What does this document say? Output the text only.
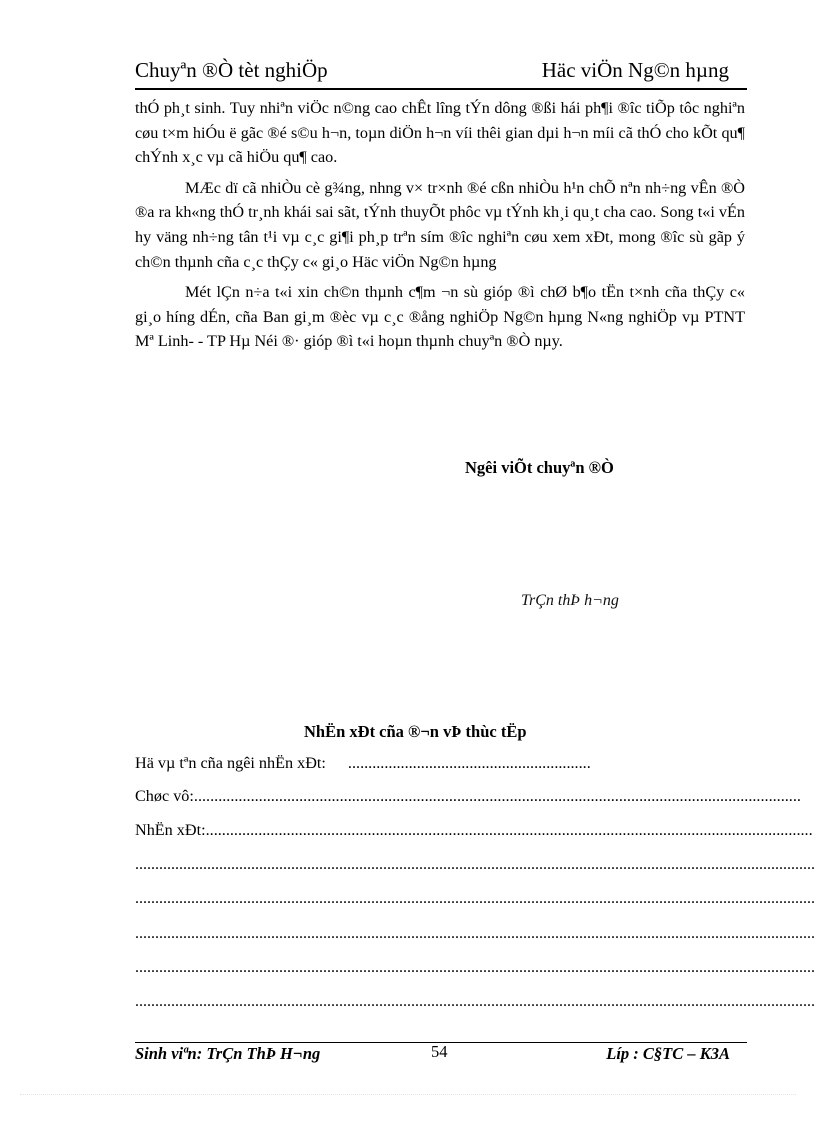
Chuyªn ®Ò tèt nghiÖp	Häc viÖn Ng©n hµng

thÓ ph¸t sinh. Tuy nhiªn viÖc n©ng cao chÊt lîng tÝn dông ®ßi hái ph¶i ®îc tiÕp tôc nghiªn cøu t×m hiÓu ë gãc ®é s©u h¬n, toµn diÖn h¬n víi thêi gian dµi h¬n míi cã thÓ cho kÕt qu¶ chÝnh x¸c vµ cã hiÖu qu¶ cao.

MÆc dï cã nhiÒu cè g¾ng, nhng v× tr×nh ®é cßn nhiÒu h¹n chÕ nªn nh÷ng vÊn ®Ò ®a ra kh«ng thÓ tr¸nh khái sai sãt, tÝnh thuyÕt phôc vµ tÝnh kh¸i qu¸t cha cao. Song t«i vÉn hy väng nh÷ng tân t¹i vµ c¸c gi¶i ph¸p trªn sím ®îc nghiªn cøu xem xÐt, mong ®îc sù gãp ý ch©n thµnh cña c¸c thÇy c« gi¸o Häc viÖn Ng©n hµng

Mét lÇn n÷a t«i xin ch©n thµnh c¶m ¬n sù gióp ®ì chØ b¶o tËn t×nh cña thÇy c« gi¸o híng dÉn, cña Ban gi¸m ®èc vµ c¸c ®ång nghiÖp Ng©n hµng N«ng nghiÖp vµ PTNT Mª Linh- - TP Hµ Néi ®· gióp ®ì t«i hoµn thµnh chuyªn ®Ò nµy.

Ngêi viÕt chuyªn ®Ò
TrÇn thÞ h¬ng
NhËn xÐt cña ®¬n vÞ thùc tËp
Hä vµ tªn cña ngêi nhËn xÐt: ............................................................
Chøc vô:......................................................................................................................................................
NhËn xÐt:......................................................................................................................................................
..........................................................................................................................................................................
..........................................................................................................................................................................
..........................................................................................................................................................................
..........................................................................................................................................................................
..........................................................................................................................................................................
Sinh viªn: TrÇn ThÞ H¬ng	54	Líp : C§TC – K3A
